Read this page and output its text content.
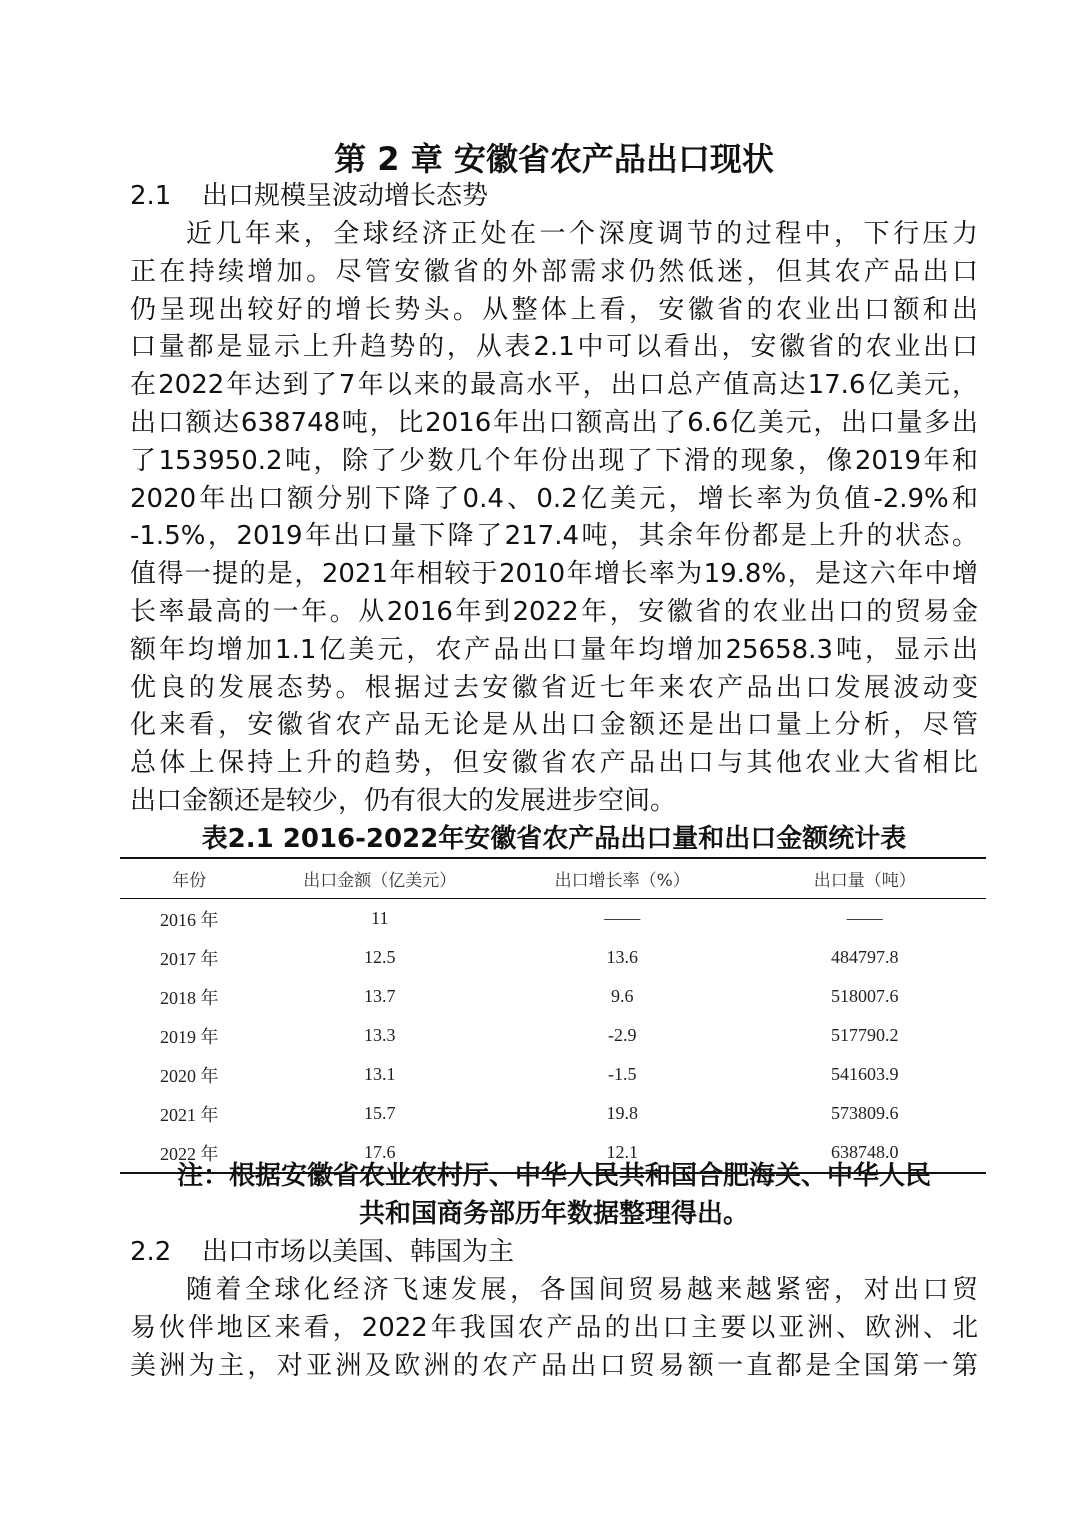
第 2 章 安徽省农产品出口现状
2.1 出口规模呈波动增长态势
近几年来，全球经济正处在一个深度调节的过程中，下行压力
正在持续增加。尽管安徽省的外部需求仍然低迷，但其农产品出口
仍呈现出较好的增长势头。从整体上看，安徽省的农业出口额和出
口量都是显示上升趋势的，从表2.1中可以看出，安徽省的农业出口
在2022年达到了7年以来的最高水平，出口总产值高达17.6亿美元，
出口额达638748吨，比2016年出口额高出了6.6亿美元，出口量多出
了153950.2吨，除了少数几个年份出现了下滑的现象，像2019年和
2020年出口额分别下降了0.4、0.2亿美元，增长率为负值-2.9%和
-1.5%，2019年出口量下降了217.4吨，其余年份都是上升的状态。
值得一提的是，2021年相较于2010年增长率为19.8%，是这六年中增
长率最高的一年。从2016年到2022年，安徽省的农业出口的贸易金
额年均增加1.1亿美元，农产品出口量年均增加25658.3吨，显示出
优良的发展态势。根据过去安徽省近七年来农产品出口发展波动变
化来看，安徽省农产品无论是从出口金额还是出口量上分析，尽管
总体上保持上升的趋势，但安徽省农产品出口与其他农业大省相比
出口金额还是较少，仍有很大的发展进步空间。
表2.1 2016-2022年安徽省农产品出口量和出口金额统计表
年份	出口金额（亿美元）	出口增长率（%）	出口量（吨）
2016 年	11	——	——
2017 年	12.5	13.6	484797.8
2018 年	13.7	9.6	518007.6
2019 年	13.3	-2.9	517790.2
2020 年	13.1	-1.5	541603.9
2021 年	15.7	19.8	573809.6
2022 年	17.6	12.1	638748.0
注：根据安徽省农业农村厅、中华人民共和国合肥海关、中华人民
共和国商务部历年数据整理得出。
2.2 出口市场以美国、韩国为主
随着全球化经济飞速发展，各国间贸易越来越紧密，对出口贸
易伙伴地区来看，2022年我国农产品的出口主要以亚洲、欧洲、北
美洲为主，对亚洲及欧洲的农产品出口贸易额一直都是全国第一第
